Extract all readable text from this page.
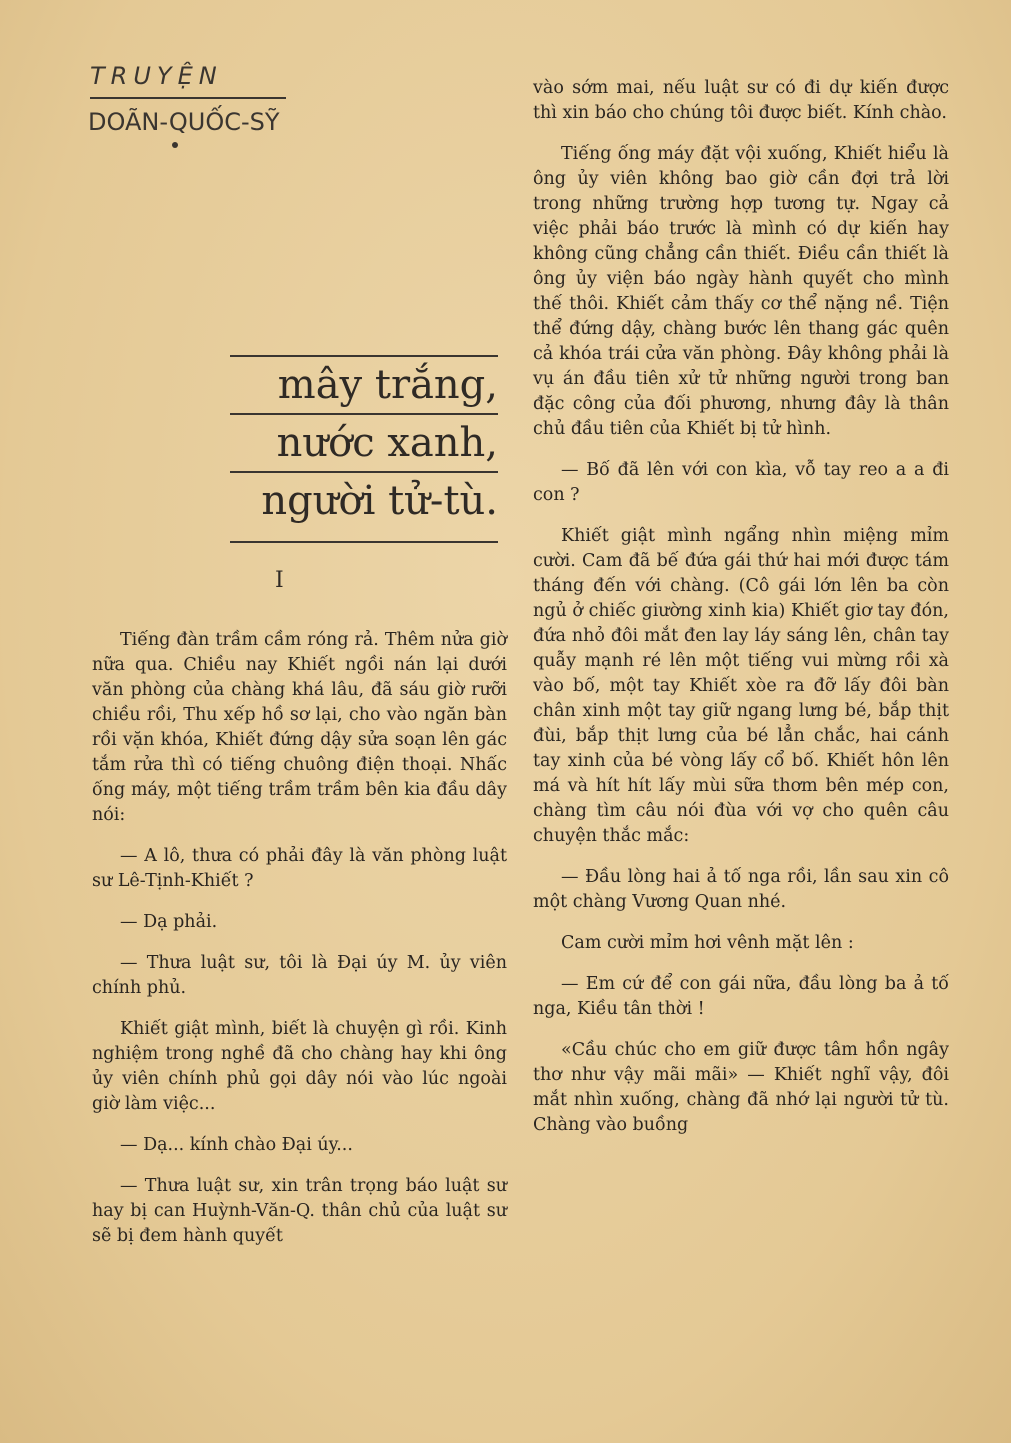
TRUYỆN
DOÃN-QUỐC-SỸ
mây trắng,
nước xanh,
người tử-tù.
I

Tiếng đàn trầm cầm róng rả. Thêm nửa giờ nữa qua. Chiều nay Khiết ngồi nán lại dưới văn phòng của chàng khá lâu, đã sáu giờ rưỡi chiều rồi, Thu xếp hồ sơ lại, cho vào ngăn bàn rồi vặn khóa, Khiết đứng dậy sửa soạn lên gác tắm rửa thì có tiếng chuông điện thoại. Nhấc ống máy, một tiếng trầm trầm bên kia đầu dây nói:

— A lô, thưa có phải đây là văn phòng luật sư Lê-Tịnh-Khiết ?

— Dạ phải.

— Thưa luật sư, tôi là Đại úy M. ủy viên chính phủ.

Khiết giật mình, biết là chuyện gì rồi. Kinh nghiệm trong nghề đã cho chàng hay khi ông ủy viên chính phủ gọi dây nói vào lúc ngoài giờ làm việc...

— Dạ... kính chào Đại úy...

— Thưa luật sư, xin trân trọng báo luật sư hay bị can Huỳnh-Văn-Q. thân chủ của luật sư sẽ bị đem hành quyết

vào sớm mai, nếu luật sư có đi dự kiến được thì xin báo cho chúng tôi được biết. Kính chào.

Tiếng ống máy đặt vội xuống, Khiết hiểu là ông ủy viên không bao giờ cần đợi trả lời trong những trường hợp tương tự. Ngay cả việc phải báo trước là mình có dự kiến hay không cũng chẳng cần thiết. Điều cần thiết là ông ủy viện báo ngày hành quyết cho mình thế thôi. Khiết cảm thấy cơ thể nặng nề. Tiện thể đứng dậy, chàng bước lên thang gác quên cả khóa trái cửa văn phòng. Đây không phải là vụ án đầu tiên xử tử những người trong ban đặc công của đối phương, nhưng đây là thân chủ đầu tiên của Khiết bị tử hình.

— Bố đã lên với con kìa, vỗ tay reo a a đi con ?

Khiết giật mình ngẩng nhìn miệng mỉm cười. Cam đã bế đứa gái thứ hai mới được tám tháng đến với chàng. (Cô gái lớn lên ba còn ngủ ở chiếc giường xinh kia) Khiết giơ tay đón, đứa nhỏ đôi mắt đen lay láy sáng lên, chân tay quẫy mạnh ré lên một tiếng vui mừng rồi xà vào bố, một tay Khiết xòe ra đỡ lấy đôi bàn chân xinh một tay giữ ngang lưng bé, bắp thịt đùi, bắp thịt lưng của bé lẳn chắc, hai cánh tay xinh của bé vòng lấy cổ bố. Khiết hôn lên má và hít hít lấy mùi sữa thơm bên mép con, chàng tìm câu nói đùa với vợ cho quên câu chuyện thắc mắc:

— Đầu lòng hai ả tố nga rồi, lần sau xin cô một chàng Vương Quan nhé.

Cam cười mỉm hơi vênh mặt lên :

— Em cứ để con gái nữa, đầu lòng ba ả tố nga, Kiều tân thời !

«Cầu chúc cho em giữ được tâm hồn ngây thơ như vậy mãi mãi» — Khiết nghĩ vậy, đôi mắt nhìn xuống, chàng đã nhớ lại người tử tù. Chàng vào buồng
